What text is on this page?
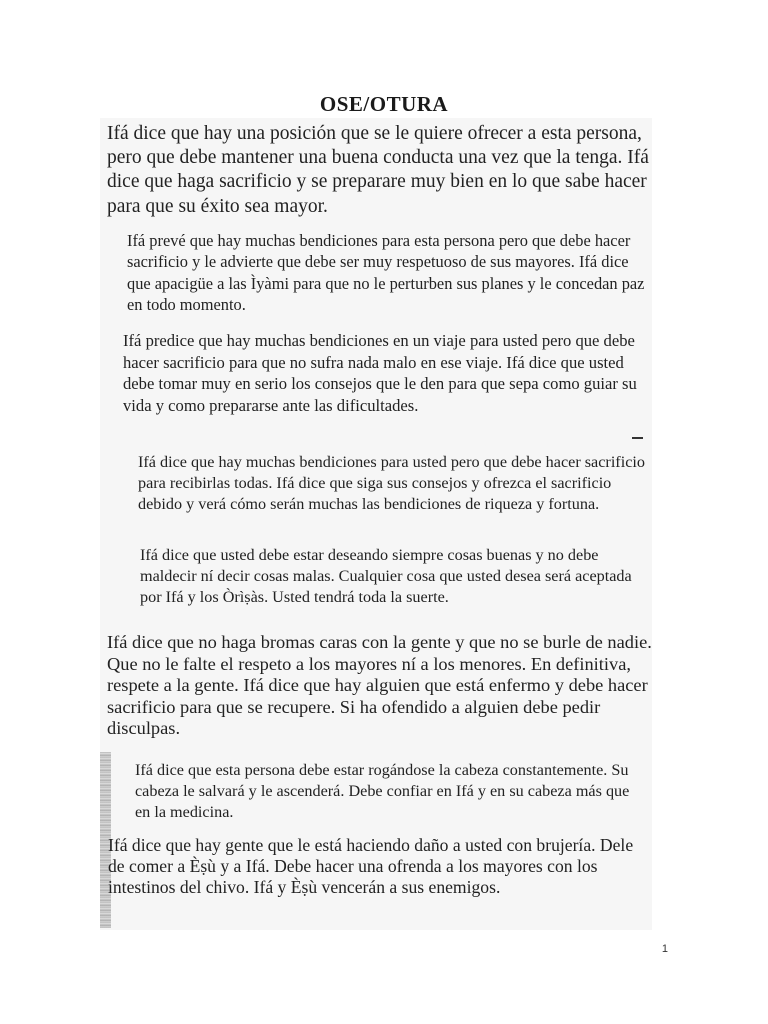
OSE/OTURA

Ifá dice que hay una posición que se le quiere ofrecer a esta persona, pero que debe mantener una buena conducta una vez que la tenga. Ifá dice que haga sacrificio y se preparare muy bien en lo que sabe hacer para que su éxito sea mayor.

Ifá prevé que hay muchas bendiciones para esta persona pero que debe hacer sacrificio y le advierte que debe ser muy respetuoso de sus mayores. Ifá dice que apacigüe a las Ìyàmi para que no le perturben sus planes y le concedan paz en todo momento.

Ifá predice que hay muchas bendiciones en un viaje para usted pero que debe hacer sacrificio para que no sufra nada malo en ese viaje. Ifá dice que usted debe tomar muy en serio los consejos que le den para que sepa como guiar su vida y como prepararse ante las dificultades.

Ifá dice que hay muchas bendiciones para usted pero que debe hacer sacrificio para recibirlas todas. Ifá dice que siga sus consejos y ofrezca el sacrificio debido y verá cómo serán muchas las bendiciones de riqueza y fortuna.

Ifá dice que usted debe estar deseando siempre cosas buenas y no debe maldecir ní decir cosas malas. Cualquier cosa que usted desea será aceptada por Ifá y los Òrìṣàs. Usted tendrá toda la suerte.

Ifá dice que no haga bromas caras con la gente y que no se burle de nadie. Que no le falte el respeto a los mayores ní a los menores. En definitiva, respete a la gente. Ifá dice que hay alguien que está enfermo y debe hacer sacrificio para que se recupere. Si ha ofendido a alguien debe pedir disculpas.

Ifá dice que esta persona debe estar rogándose la cabeza constantemente. Su cabeza le salvará y le ascenderá. Debe confiar en Ifá y en su cabeza más que en la medicina.

Ifá dice que hay gente que le está haciendo daño a usted con brujería. Dele de comer a Èṣù y a Ifá. Debe hacer una ofrenda a los mayores con los intestinos del chivo. Ifá y Èṣù vencerán a sus enemigos.

1
